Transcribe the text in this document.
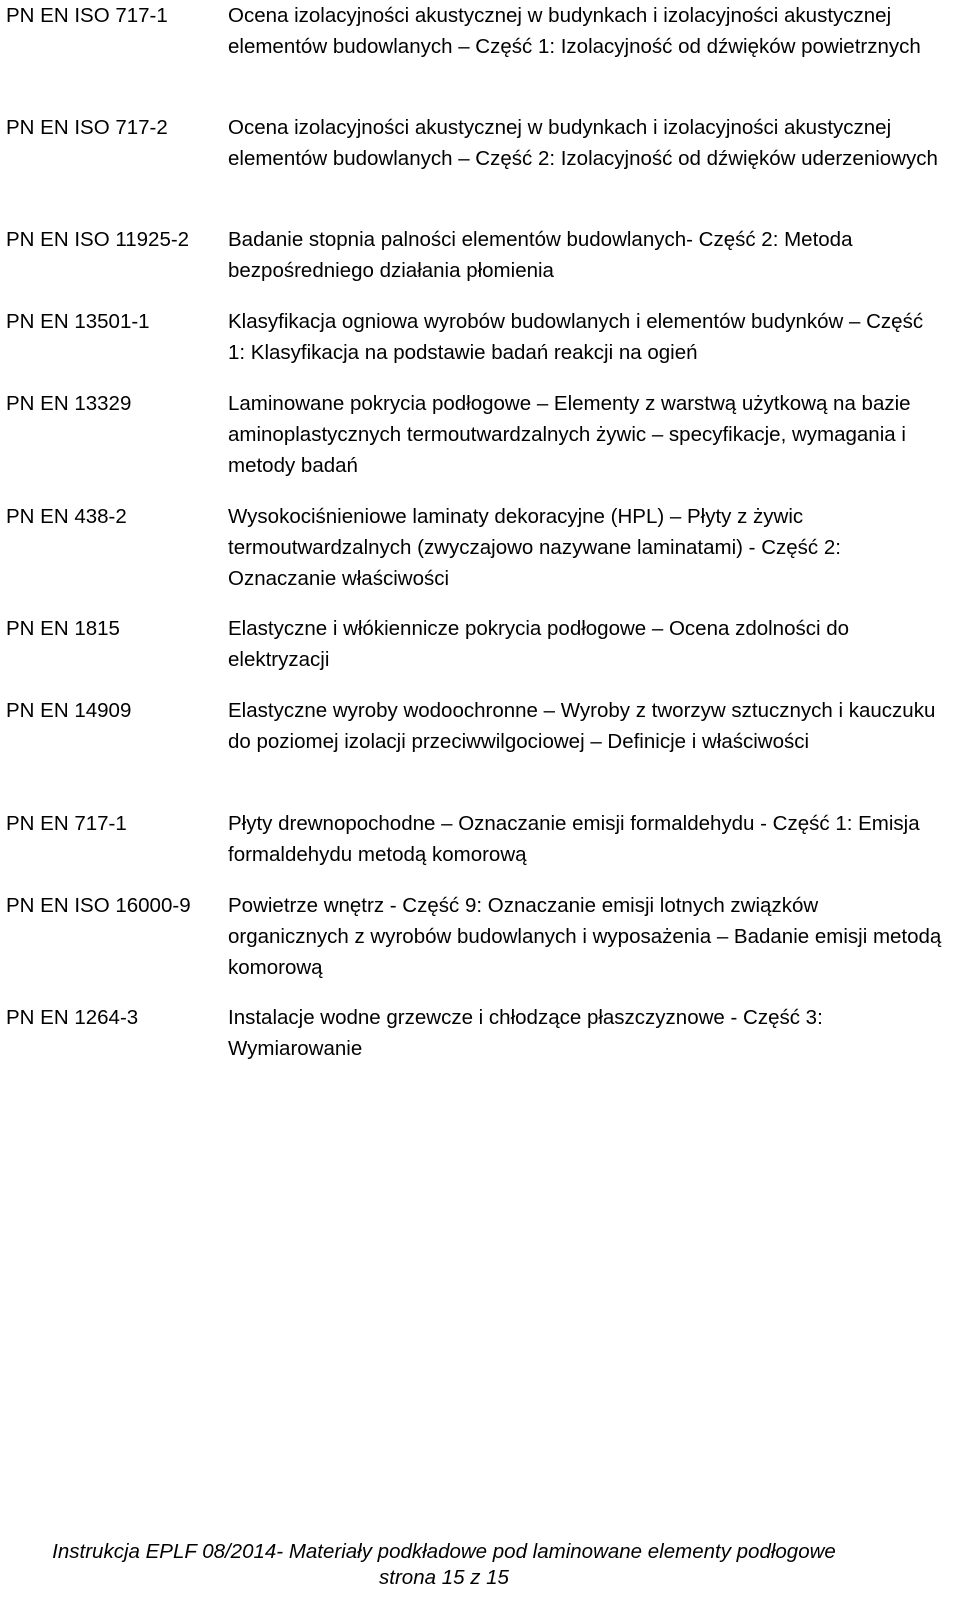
PN EN ISO 717-1	Ocena izolacyjności akustycznej w budynkach i izolacyjności akustycznej elementów budowlanych – Część 1: Izolacyjność od dźwięków powietrznych
PN EN ISO 717-2	Ocena izolacyjności akustycznej w budynkach i izolacyjności akustycznej elementów budowlanych – Część 2: Izolacyjność od dźwięków uderzeniowych
PN EN ISO 11925-2 Badanie stopnia palności elementów budowlanych- Część 2: Metoda bezpośredniego działania płomienia
PN EN 13501-1	Klasyfikacja ogniowa wyrobów budowlanych i elementów budynków – Część 1: Klasyfikacja na podstawie badań reakcji na ogień
PN EN 13329	Laminowane pokrycia podłogowe – Elementy z warstwą użytkową na bazie aminoplastycznych termoutwardzalnych żywic – specyfikacje, wymagania i metody badań
PN EN 438-2	Wysokociśnieniowe laminaty dekoracyjne (HPL) – Płyty z żywic termoutwardzalnych (zwyczajowo nazywane laminatami) - Część 2: Oznaczanie właściwości
PN EN 1815	Elastyczne i włókiennicze pokrycia podłogowe – Ocena zdolności do elektryzacji
PN EN 14909	Elastyczne wyroby wodoochronne – Wyroby z tworzyw sztucznych i kauczuku do poziomej izolacji przeciwwilgociowej – Definicje i właściwości
PN EN 717-1	Płyty drewnopochodne – Oznaczanie emisji formaldehydu - Część 1: Emisja formaldehydu metodą komorową
PN EN ISO 16000-9 Powietrze wnętrz - Część 9: Oznaczanie emisji lotnych związków organicznych z wyrobów budowlanych i wyposażenia – Badanie emisji metodą komorową
PN EN 1264-3	Instalacje wodne grzewcze i chłodzące płaszczyznowe - Część 3: Wymiarowanie
Instrukcja EPLF 08/2014- Materiały podkładowe pod laminowane elementy podłogowe
strona 15 z 15
